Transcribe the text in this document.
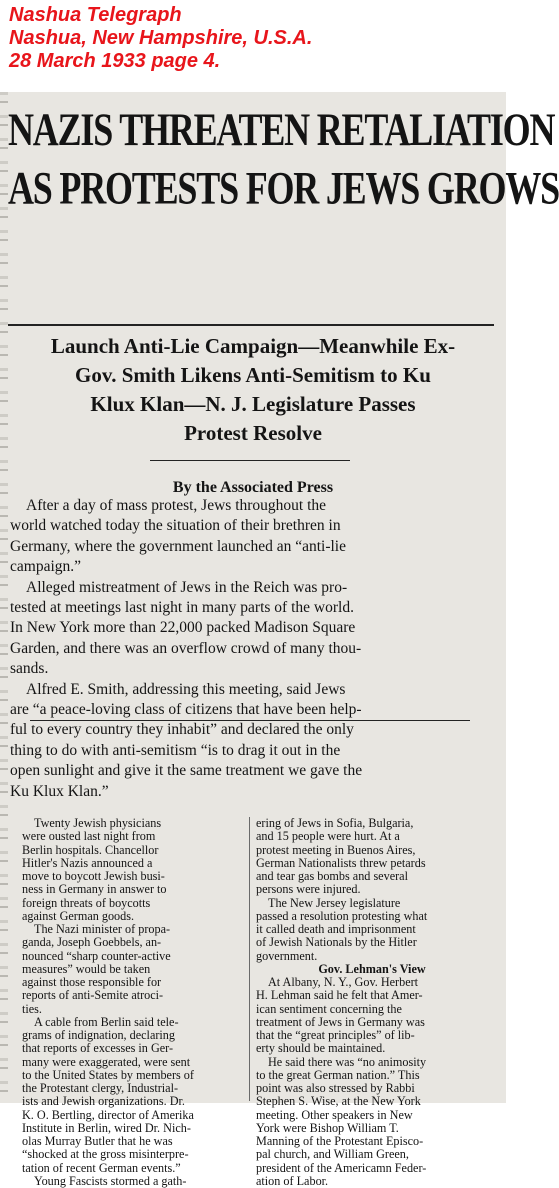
Nashua Telegraph
Nashua, New Hampshire, U.S.A.
28 March 1933 page 4.
NAZIS THREATEN RETALIATION
AS PROTESTS FOR JEWS GROWS
Launch Anti-Lie Campaign—Meanwhile Ex-
Gov. Smith Likens Anti-Semitism to Ku
Klux Klan—N. J. Legislature Passes
Protest Resolve
By the Associated Press
After a day of mass protest, Jews throughout the
world watched today the situation of their brethren in
Germany, where the government launched an “anti-lie
campaign.”
Alleged mistreatment of Jews in the Reich was pro-
tested at meetings last night in many parts of the world.
In New York more than 22,000 packed Madison Square
Garden, and there was an overflow crowd of many thou-
sands.
Alfred E. Smith, addressing this meeting, said Jews
are “a peace-loving class of citizens that have been help-
ful to every country they inhabit” and declared the only
thing to do with anti-semitism “is to drag it out in the
open sunlight and give it the same treatment we gave the
Ku Klux Klan.”
Twenty Jewish physicians
were ousted last night from
Berlin hospitals. Chancellor
Hitler's Nazis announced a
move to boycott Jewish busi-
ness in Germany in answer to
foreign threats of boycotts
against German goods.
The Nazi minister of propa-
ganda, Joseph Goebbels, an-
nounced “sharp counter-active
measures” would be taken
against those responsible for
reports of anti-Semite atroci-
ties.
A cable from Berlin said tele-
grams of indignation, declaring
that reports of excesses in Ger-
many were exaggerated, were sent
to the United States by members of
the Protestant clergy, Industrial-
ists and Jewish organizations. Dr.
K. O. Bertling, director of Amerika
Institute in Berlin, wired Dr. Nich-
olas Murray Butler that he was
“shocked at the gross misinterpre-
tation of recent German events.”
Young Fascists stormed a gath-
ering of Jews in Sofia, Bulgaria,
and 15 people were hurt. At a
protest meeting in Buenos Aires,
German Nationalists threw petards
and tear gas bombs and several
persons were injured.
The New Jersey legislature
passed a resolution protesting what
it called death and imprisonment
of Jewish Nationals by the Hitler
government.
Gov. Lehman's View
At Albany, N. Y., Gov. Herbert
H. Lehman said he felt that Amer-
ican sentiment concerning the
treatment of Jews in Germany was
that the “great principles” of lib-
erty should be maintained.
He said there was “no animosity
to the great German nation.” This
point was also stressed by Rabbi
Stephen S. Wise, at the New York
meeting. Other speakers in New
York were Bishop William T.
Manning of the Protestant Episco-
pal church, and William Green,
president of the Americamn Feder-
ation of Labor.
